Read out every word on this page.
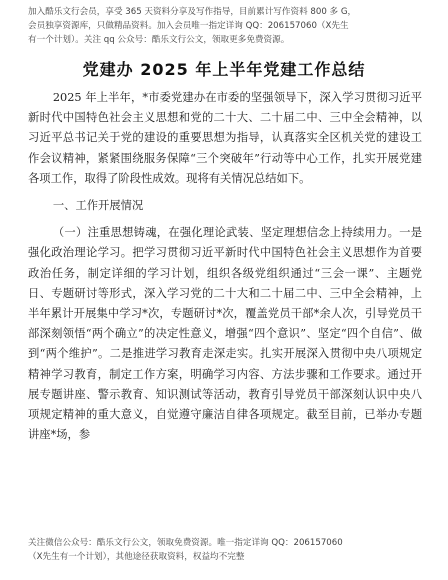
加入酷乐文行会员，享受 365 天资料分享及写作指导，目前累计写作资料 800 多 G，
会员独享资源库，只做精品资料。加入会员唯一指定详询 QQ：206157060（X先生
有一个计划）。关注 qq 公众号：酷乐文行公文，领取更多免费资源。
党建办 2025 年上半年党建工作总结

2025 年上半年，*市委党建办在市委的坚强领导下，深入学习贯彻习近平新时代中国特色社会主义思想和党的二十大、二十届二中、三中全会精神，以习近平总书记关于党的建设的重要思想为指导，认真落实全区机关党的建设工作会议精神，紧紧围绕服务保障“三个突破年”行动等中心工作，扎实开展党建各项工作，取得了阶段性成效。现将有关情况总结如下。

一、工作开展情况

（一）注重思想铸魂，在强化理论武装、坚定理想信念上持续用力。一是强化政治理论学习。把学习贯彻习近平新时代中国特色社会主义思想作为首要政治任务，制定详细的学习计划，组织各级党组织通过“三会一课”、主题党日、专题研讨等形式，深入学习党的二十大和二十届二中、三中全会精神，上半年累计开展集中学习*次，专题研讨*次，覆盖党员干部*余人次，引导党员干部深刻领悟“两个确立”的决定性意义，增强“四个意识”、坚定“四个自信”、做到“两个维护”。二是推进学习教育走深走实。扎实开展深入贯彻中央八项规定精神学习教育，制定工作方案，明确学习内容、方法步骤和工作要求。通过开展专题讲座、警示教育、知识测试等活动，教育引导党员干部深刻认识中央八项规定精神的重大意义，自觉遵守廉洁自律各项规定。截至目前，已举办专题讲座*场，参

关注微信公众号：酷乐文行公文，领取免费资源。唯一指定详询 QQ：206157060
（X先生有一个计划），其他途径获取资料，权益均不完整
